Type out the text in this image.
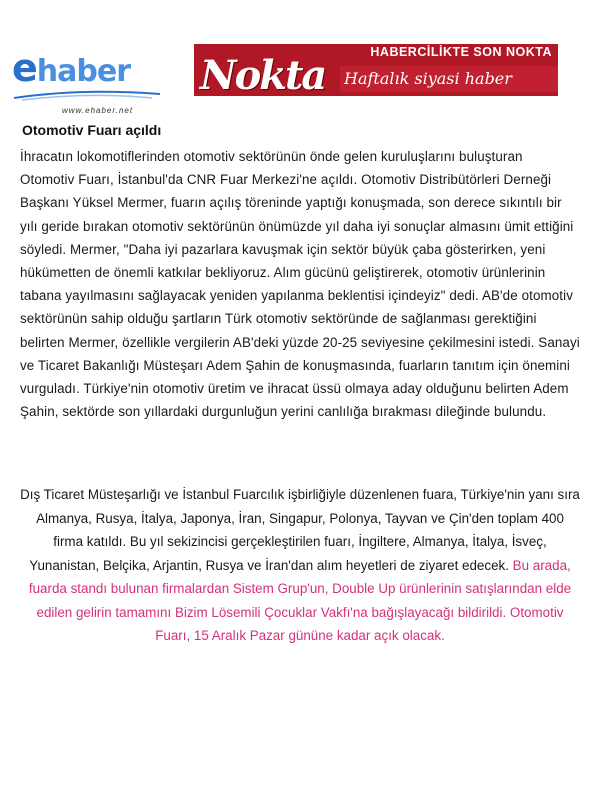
ehaber
www.ehaber.net
HABERCİLİKTE SON NOKTA
Nokta Haftalık siyasi haber dergisi
Otomotiv Fuarı açıldı
İhracatın lokomotiflerinden otomotiv sektörünün önde gelen kuruluşlarını buluşturan Otomotiv Fuarı, İstanbul'da CNR Fuar Merkezi'ne açıldı. Otomotiv Distribütörleri Derneği Başkanı Yüksel Mermer, fuarın açılış töreninde yaptığı konuşmada, son derece sıkıntılı bir yılı geride bırakan otomotiv sektörünün önümüzde yıl daha iyi sonuçlar almasını ümit ettiğini söyledi. Mermer, "Daha iyi pazarlara kavuşmak için sektör büyük çaba gösterirken, yeni hükümetten de önemli katkılar bekliyoruz. Alım gücünü geliştirerek, otomotiv ürünlerinin tabana yayılmasını sağlayacak yeniden yapılanma beklentisi içindeyiz" dedi. AB'de otomotiv sektörünün sahip olduğu şartların Türk otomotiv sektöründe de sağlanması gerektiğini belirten Mermer, özellikle vergilerin AB'deki yüzde 20-25 seviyesine çekilmesini istedi. Sanayi ve Ticaret Bakanlığı Müsteşarı Adem Şahin de konuşmasında, fuarların tanıtım için önemini vurguladı. Türkiye'nin otomotiv üretim ve ihracat üssü olmaya aday olduğunu belirten Adem Şahin, sektörde son yıllardaki durgunluğun yerini canlılığa bırakması dileğinde bulundu.
Dış Ticaret Müsteşarlığı ve İstanbul Fuarcılık işbirliğiyle düzenlenen fuara, Türkiye'nin yanı sıra Almanya, Rusya, İtalya, Japonya, İran, Singapur, Polonya, Tayvan ve Çin'den toplam 400 firma katıldı. Bu yıl sekizincisi gerçekleştirilen fuarı, İngiltere, Almanya, İtalya, İsveç, Yunanistan, Belçika, Arjantin, Rusya ve İran'dan alım heyetleri de ziyaret edecek. Bu arada, fuarda standı bulunan firmalardan Sistem Grup'un, Double Up ürünlerinin satışlarından elde edilen gelirin tamamını Bizim Lösemili Çocuklar Vakfı'na bağışlayacağı bildirildi. Otomotiv Fuarı, 15 Aralık Pazar gününe kadar açık olacak.
